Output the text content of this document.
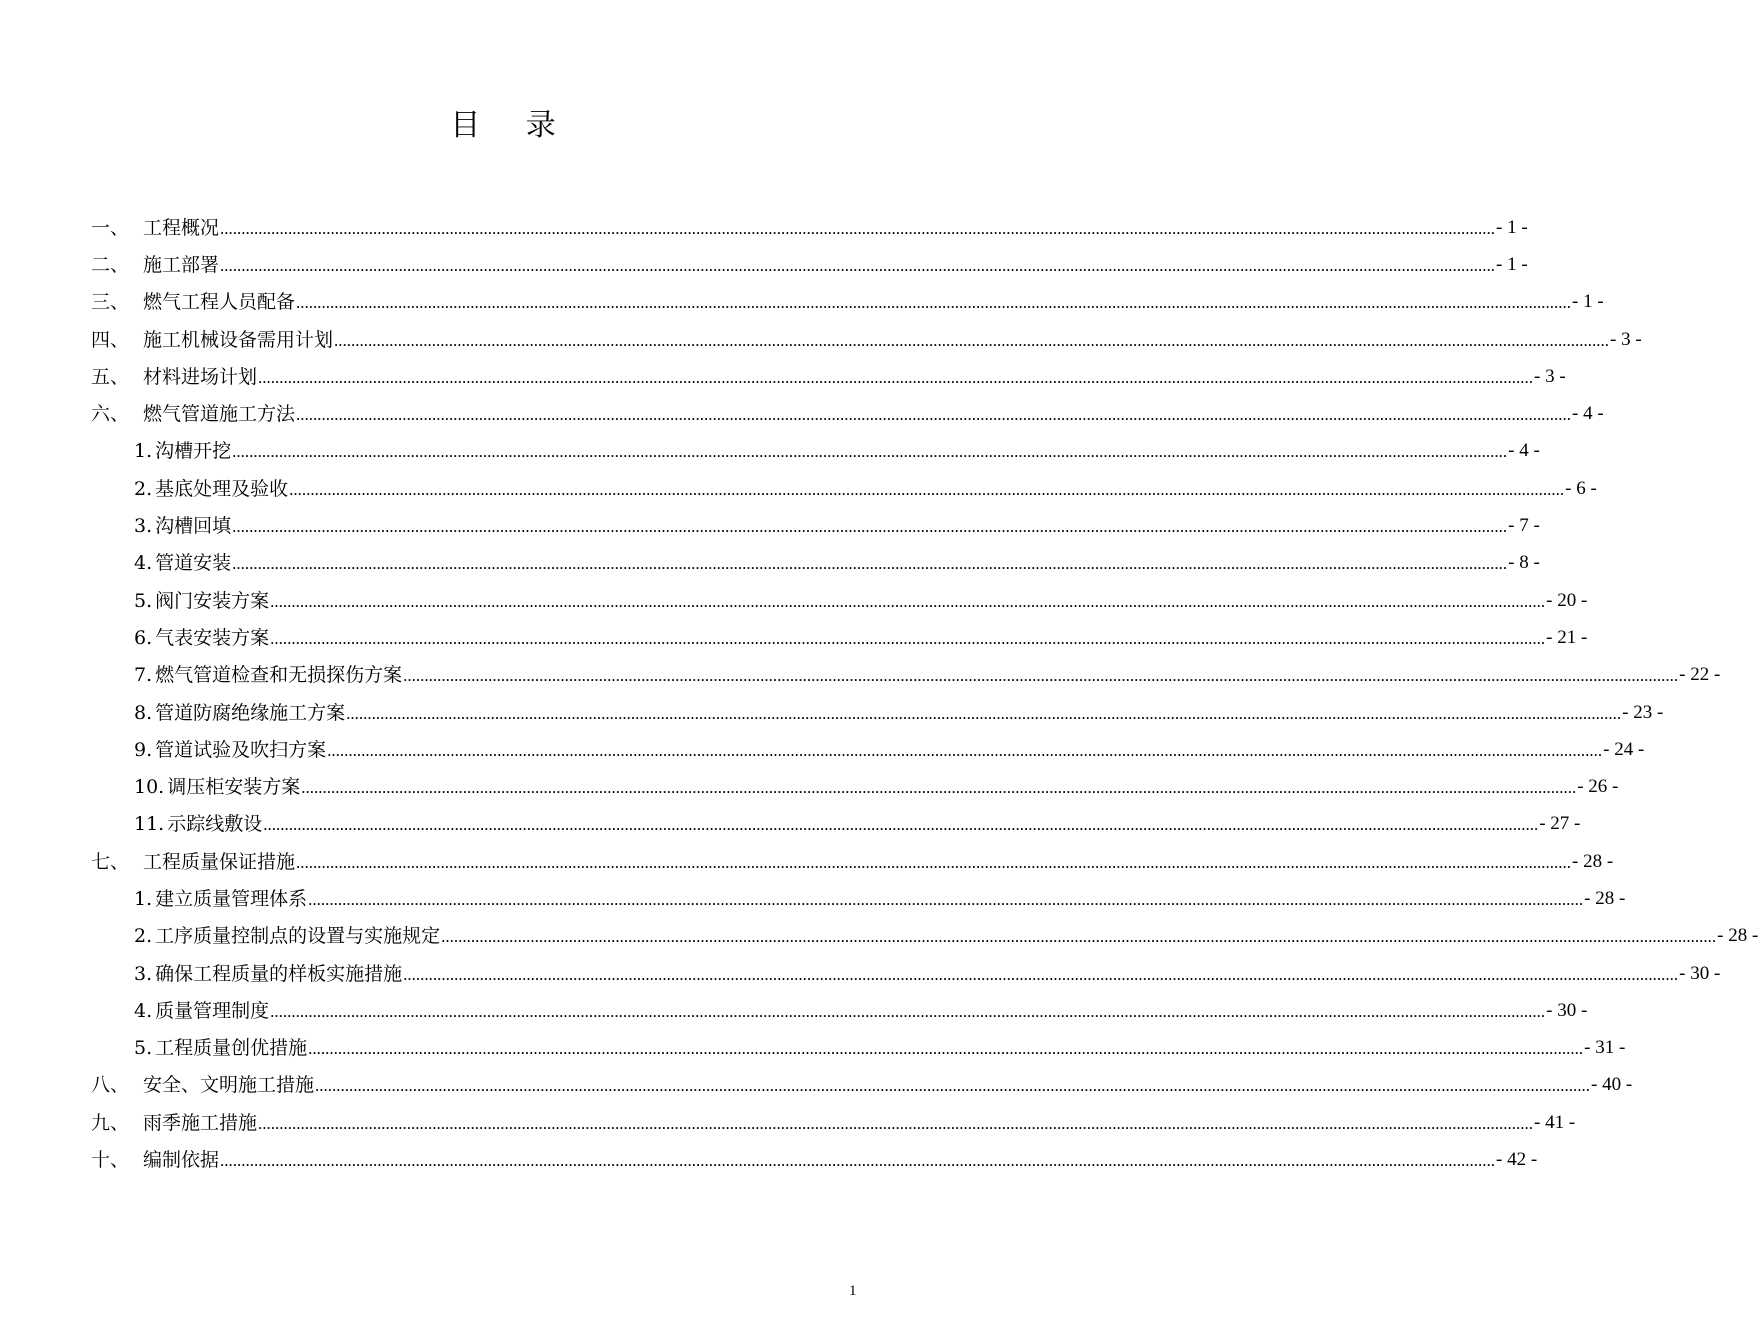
目 录
一、 工程概况 ............................................................................................................................................................................................................................................................................................................ - 1 -
二、 施工部署 ............................................................................................................................................................................................................................................................................................................ - 1 -
三、 燃气工程人员配备 ............................................................................................................................................................................................................................................................................................................ - 1 -
四、 施工机械设备需用计划 ............................................................................................................................................................................................................................................................................................................ - 3 -
五、 材料进场计划 ............................................................................................................................................................................................................................................................................................................ - 3 -
六、 燃气管道施工方法 ............................................................................................................................................................................................................................................................................................................ - 4 -
1. 沟槽开挖 ............................................................................................................................................................................................................................................................................................................ - 4 -
2. 基底处理及验收 ............................................................................................................................................................................................................................................................................................................ - 6 -
3. 沟槽回填 ............................................................................................................................................................................................................................................................................................................ - 7 -
4. 管道安装 ............................................................................................................................................................................................................................................................................................................ - 8 -
5. 阀门安装方案 ............................................................................................................................................................................................................................................................................................................ - 20 -
6. 气表安装方案 ............................................................................................................................................................................................................................................................................................................ - 21 -
7. 燃气管道检查和无损探伤方案 ............................................................................................................................................................................................................................................................................................................ - 22 -
8. 管道防腐绝缘施工方案 ............................................................................................................................................................................................................................................................................................................ - 23 -
9. 管道试验及吹扫方案 ............................................................................................................................................................................................................................................................................................................ - 24 -
10. 调压柜安装方案 ............................................................................................................................................................................................................................................................................................................ - 26 -
11. 示踪线敷设 ............................................................................................................................................................................................................................................................................................................ - 27 -
七、 工程质量保证措施 ............................................................................................................................................................................................................................................................................................................ - 28 -
1. 建立质量管理体系 ............................................................................................................................................................................................................................................................................................................ - 28 -
2. 工序质量控制点的设置与实施规定 ............................................................................................................................................................................................................................................................................................................ - 28 -
3. 确保工程质量的样板实施措施 ............................................................................................................................................................................................................................................................................................................ - 30 -
4. 质量管理制度 ............................................................................................................................................................................................................................................................................................................ - 30 -
5. 工程质量创优措施 ............................................................................................................................................................................................................................................................................................................ - 31 -
八、 安全、文明施工措施 ............................................................................................................................................................................................................................................................................................................ - 40 -
九、 雨季施工措施 ............................................................................................................................................................................................................................................................................................................ - 41 -
十、 编制依据 ............................................................................................................................................................................................................................................................................................................ - 42 -
1
